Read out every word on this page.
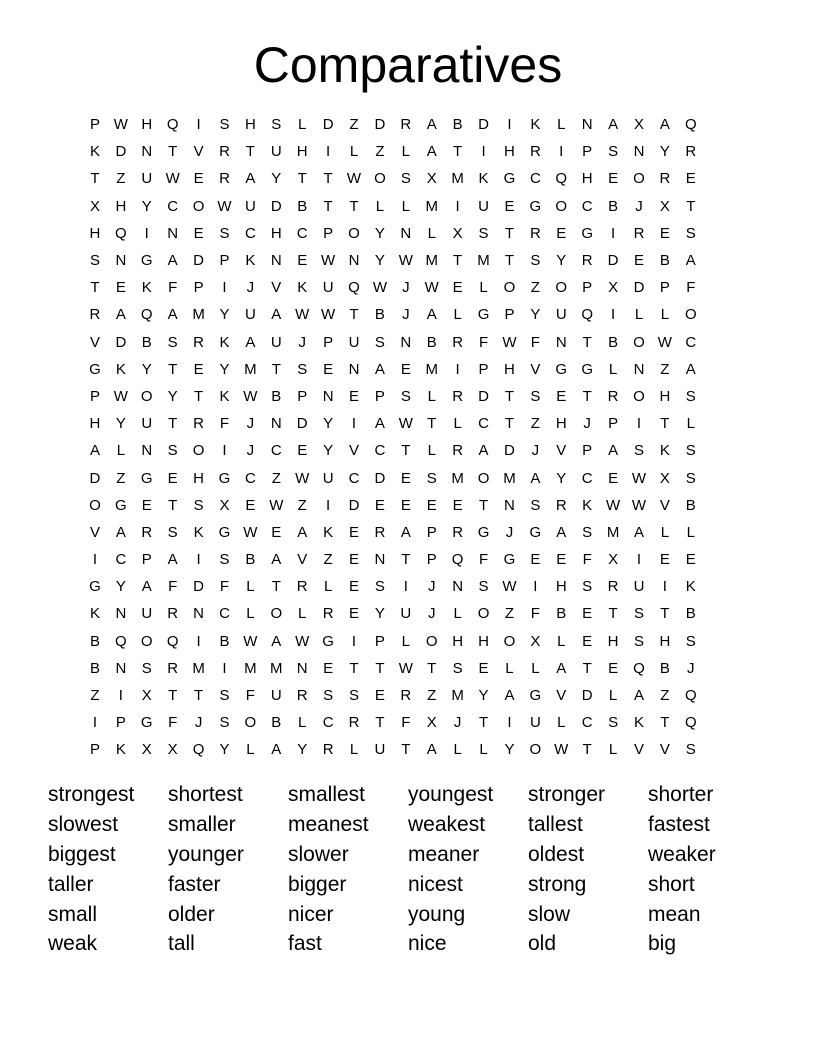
Comparatives
P W H Q	I	S	H	S	L	D	Z	D	R	A	B	D	I	K	L	N	A	X	A	Q
K	D	N	T	V	R	T	U	H	I	L	Z	L	A	T	I	H	R	I	P	S	N	Y	R
T	Z	U W E	R	A	Y	T	T W O	S	X M K	G C Q H	E	O R	E
X	H	Y	C O W U	D	B	T	T	L	L	M	I	U	E	G O C	B	J	X	T
H Q	I	N	E	S	C	H	C	P	O	Y	N	L	X	S	T	R	E	G	I	R	E	S
S	N G	A	D	P	K	N	E W N	Y W M	T	M	T	S	Y	R	D	E	B	A
T	E	K	F	P	I	J	V	K	U Q W	J	W E	L	O	Z	O	P	X	D	P	F
R	A	Q	A M Y	U	A W W T	B	J	A	L	G	P	Y	U Q	I	L	L	O
V	D	B	S	R	K	A	U	J	P	U	S	N	B	R	F W F	N	T	B	O W C
G	K	Y	T	E	Y M	T	S	E	N	A	E M	I	P	H	V	G G	L	N	Z	A
P W O	Y	T	K W B	P	N	E	P	S	L	R	D	T	S	E	T	R O H	S
H	Y	U	T	R	F	J	N	D	Y	I	A W T	L	C	T	Z	H	J	P	I	T	L
A	L	N	S	O	I	J	C	E	Y	V	C	T	L	R	A	D	J	V	P	A	S	K	S
D	Z	G	E	H G C	Z W U	C	D	E	S M O M A	Y	C	E W X	S
O G	E	T	S	X	E W Z	I	D	E	E	E	E	T	N	S	R	K W W V	B
V	A	R	S	K	G W E	A	K	E	R	A	P	R G	J	G	A	S M A	L	L
I	C	P	A	I	S	B	A	V	Z	E	N	T	P	Q	F	G	E	E	F	X	I	E	E
G	Y	A	F	D	F	L	T	R	L	E	S	I	J	N	S W	I	H	S	R	U	I	K
K	N	U	R	N	C	L	O	L	R	E	Y	U	J	L	O	Z	F	B	E	T	S	T	B
B	Q O Q	I	B W A W G	I	P	L	O H	H O	X	L	E	H	S	H	S
B	N	S	R M	I	M M N	E	T	T W T	S	E	L	L	A	T	E	Q	B	J
Z	I	X	T	T	S	F	U	R	S	S	E	R	Z	M Y	A	G	V	D	L	A	Z	Q
I	P	G	F	J	S	O	B	L	C	R	T	F	X	J	T	I	U	L	C	S	K	T	Q
P	K	X	X	Q	Y	L	A	Y	R	L	U	T	A	L	L	Y	O W T	L	V	V	S
strongest	shortest	smallest	youngest	stronger	shorter
slowest	smaller	meanest	weakest	tallest	fastest
biggest	younger	slower	meaner	oldest	weaker
taller	faster	bigger	nicest	strong	short
small	older	nicer	young	slow	mean
weak	tall	fast	nice	old	big
